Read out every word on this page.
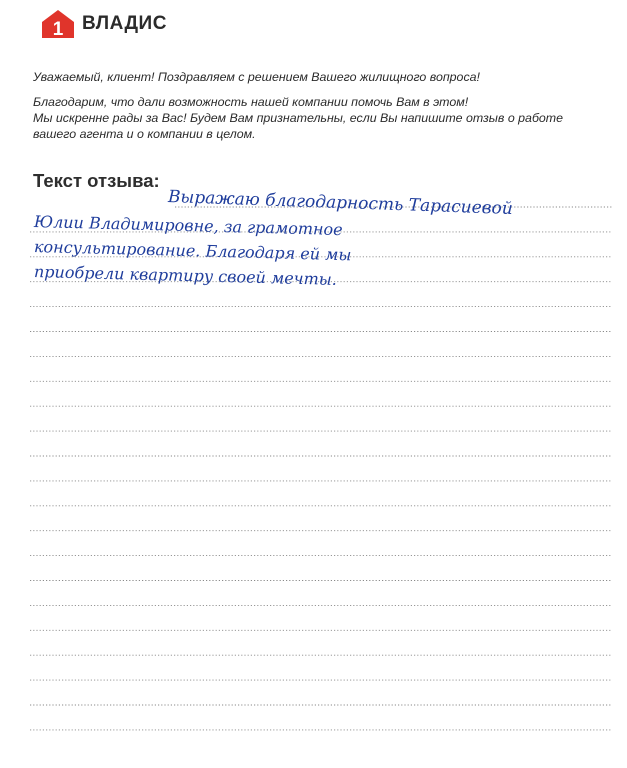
1 ВЛАДИС

Уважаемый, клиент! Поздравляем с решением Вашего жилищного вопроса!

Благодарим, что дали возможность нашей компании помочь Вам в этом!

Мы искренне рады за Вас! Будем Вам признательны, если Вы напишите отзыв о работе

вашего агента и о компании в целом.

Текст отзыва:
Выражаю благодарность Тарасиевой
Юлии Владимировне, за грамотное
консультирование. Благодаря ей мы
приобрели квартиру своей мечты.
